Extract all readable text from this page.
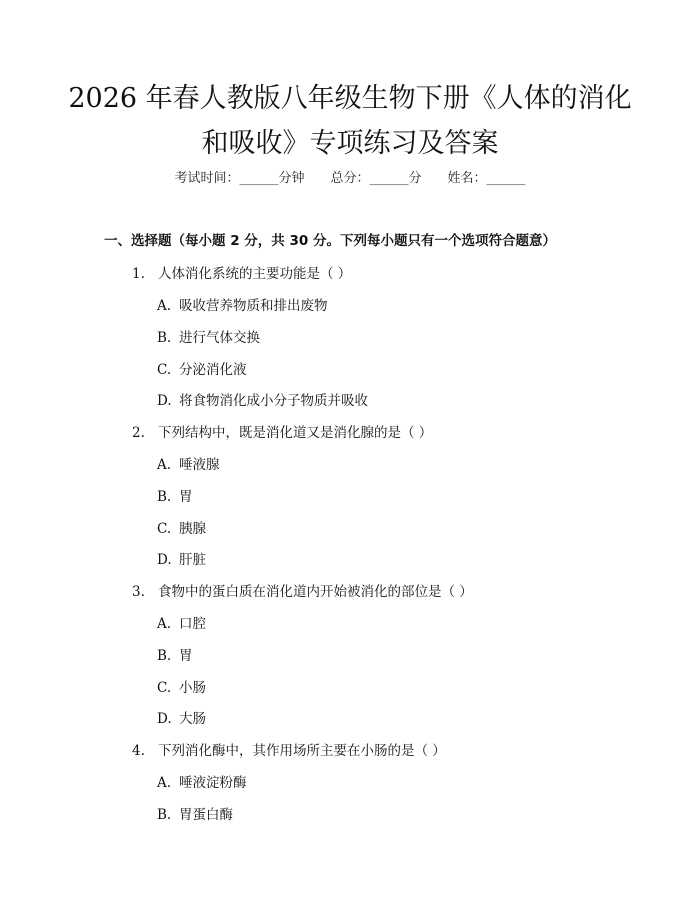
2026 年春人教版八年级生物下册《人体的消化和吸收》专项练习及答案
考试时间：______分钟 总分：______分 姓名：______
一、选择题（每小题 2 分，共 30 分。下列每小题只有一个选项符合题意）
1. 人体消化系统的主要功能是（ ）
A. 吸收营养物质和排出废物
B. 进行气体交换
C. 分泌消化液
D. 将食物消化成小分子物质并吸收
2. 下列结构中，既是消化道又是消化腺的是（ ）
A. 唾液腺
B. 胃
C. 胰腺
D. 肝脏
3. 食物中的蛋白质在消化道内开始被消化的部位是（ ）
A. 口腔
B. 胃
C. 小肠
D. 大肠
4. 下列消化酶中，其作用场所主要在小肠的是（ ）
A. 唾液淀粉酶
B. 胃蛋白酶
